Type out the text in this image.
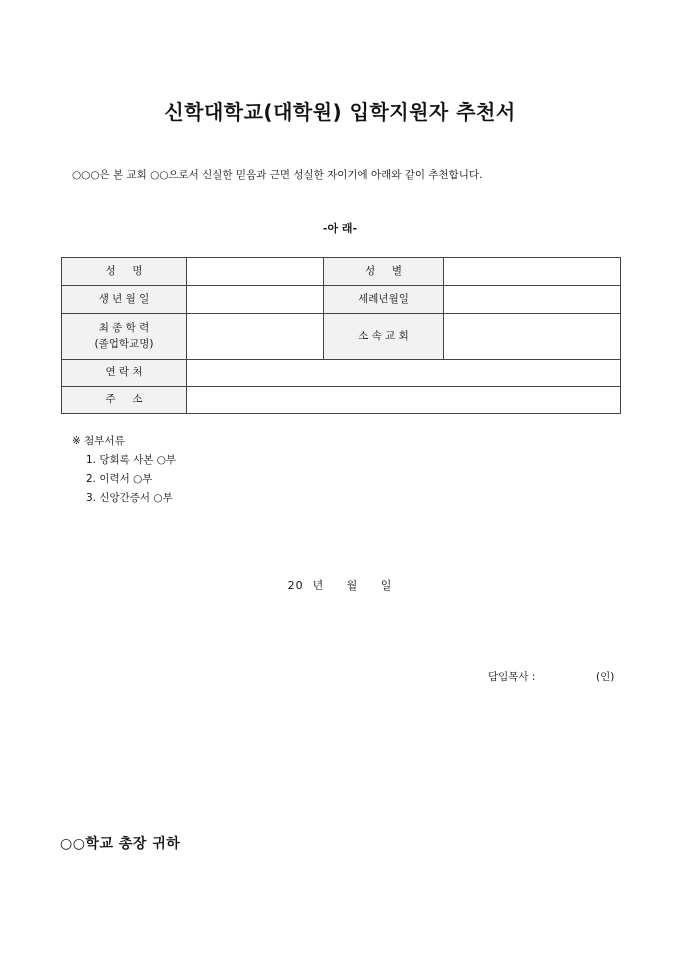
신학대학교(대학원) 입학지원자 추천서
○○○은 본 교회 ○○으로서 신실한 믿음과 근면 성실한 자이기에 아래와 같이 추천합니다.
-아 래-
성     명		성     별	
생 년 월 일		세례년월일	

최 종 학 력
(졸업학교명)		소 속 교 회	
연 락 처			
주     소			
※ 첨부서류
1. 당회록 사본 ○부
2. 이력서 ○부
3. 신앙간증서 ○부
20  년     월     일
담임목사 :	(인)
○○학교 총장 귀하
